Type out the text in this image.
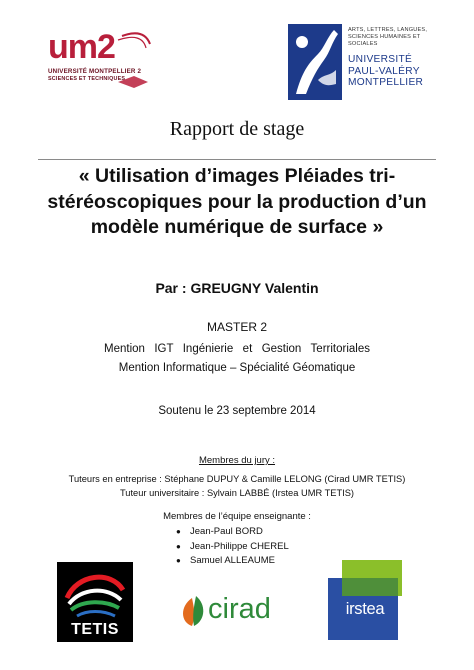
um2
UNIVERSITÉ MONTPELLIER 2
SCIENCES ET TECHNIQUES
ARTS, LETTRES, LANGUES,
SCIENCES HUMAINES ET
SOCIALES
UNIVERSITÉ
PAUL-VALÉRY
MONTPELLIER
Rapport de stage
« Utilisation d’images Pléiades tri-
stéréoscopiques pour la production d’un
modèle numérique de surface »
Par : GREUGNY Valentin
MASTER 2
Mention IGT Ingénierie et Gestion Territoriales
Mention Informatique – Spécialité Géomatique
Soutenu le 23 septembre 2014
Membres du jury :
Tuteurs en entreprise : Stéphane DUPUY & Camille LELONG (Cirad UMR TETIS)
Tuteur universitaire : Sylvain LABBÉ (Irstea UMR TETIS)
Membres de l’équipe enseignante :
● Jean-Paul BORD
● Jean-Philippe CHEREL
● Samuel ALLEAUME
TETIS
cirad	irstea
